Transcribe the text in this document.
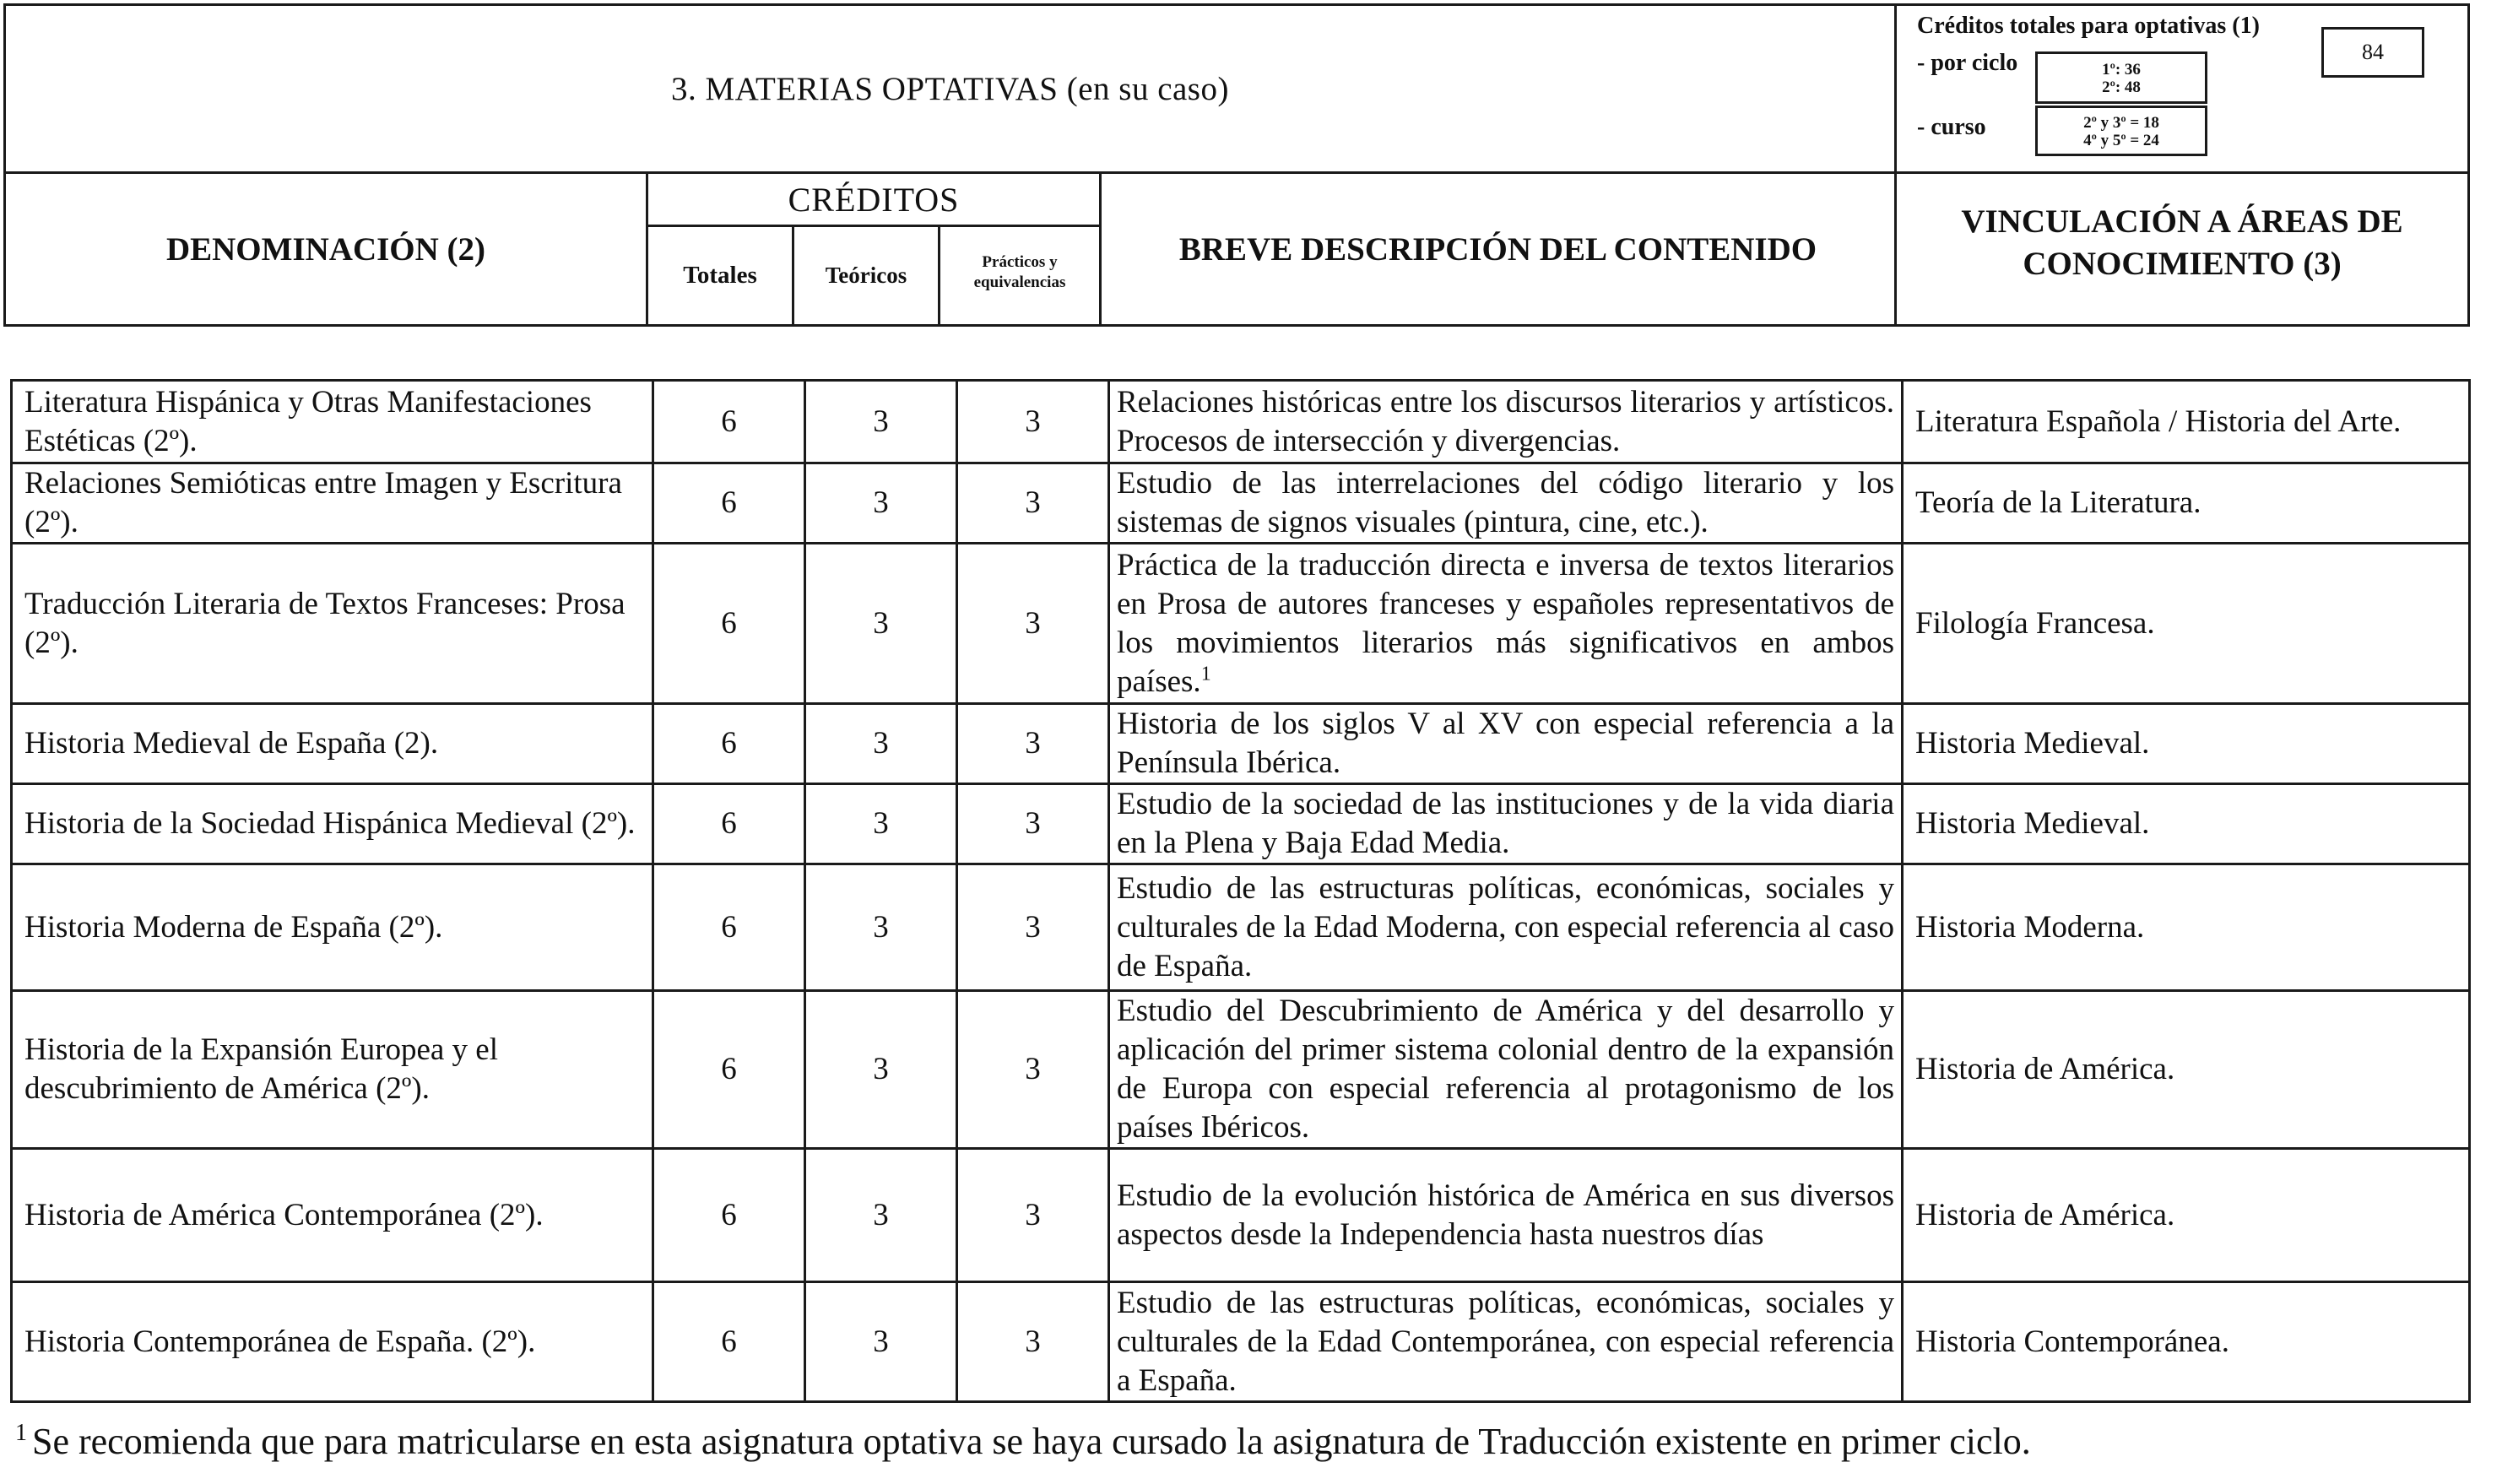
3. MATERIAS OPTATIVAS (en su caso)
Créditos totales para optativas (1)
84
- por ciclo	1º: 36
2º: 48
- curso	2º y 3º = 18
4º y 5º = 24
DENOMINACIÓN (2)
CRÉDITOS
Totales	Teóricos
Prácticos y
equivalencias
BREVE DESCRIPCIÓN DEL CONTENIDO
VINCULACIÓN A ÁREAS DE
CONOCIMIENTO (3)
Literatura Hispánica y Otras Manifestaciones Estéticas (2º).	6	3	3	Relaciones históricas entre los discursos literarios y artísticos. Procesos de intersección y divergencias.	Literatura Española / Historia del Arte.
Relaciones Semióticas entre Imagen y Escritura (2º).	6	3	3	Estudio de las interrelaciones del código literario y los sistemas de signos visuales (pintura, cine, etc.).	Teoría de la Literatura.
Traducción Literaria de Textos Franceses: Prosa (2º).	6	3	3	Práctica de la traducción directa e inversa de textos literarios en Prosa de autores franceses y españoles representativos de los movimientos literarios más significativos en ambos países.$^1$	Filología Francesa.
Historia Medieval de España (2).	6	3	3	Historia de los siglos V al XV con especial referencia a la Península Ibérica.	Historia Medieval.
Historia de la Sociedad Hispánica Medieval (2º).	6	3	3	Estudio de la sociedad de las instituciones y de la vida diaria en la Plena y Baja Edad Media.	Historia Medieval.
Historia Moderna de España (2º).	6	3	3	Estudio de las estructuras políticas, económicas, sociales y culturales de la Edad Moderna, con especial referencia al caso de España.	Historia Moderna.
Historia de la Expansión Europea y el descubrimiento de América (2º).	6	3	3	Estudio del Descubrimiento de América y del desarrollo y aplicación del primer sistema colonial dentro de la expansión de Europa con especial referencia al protagonismo de los países Ibéricos.	Historia de América.
Historia de América Contemporánea (2º).	6	3	3	Estudio de la evolución histórica de América en sus diversos aspectos desde la Independencia hasta nuestros días	Historia de América.
Historia Contemporánea de España. (2º).	6	3	3	Estudio de las estructuras políticas, económicas, sociales y culturales de la Edad Contemporánea, con especial referencia a España.	Historia Contemporánea.
$^1$ Se recomienda que para matricularse en esta asignatura optativa se haya cursado la asignatura de Traducción existente en primer ciclo.
